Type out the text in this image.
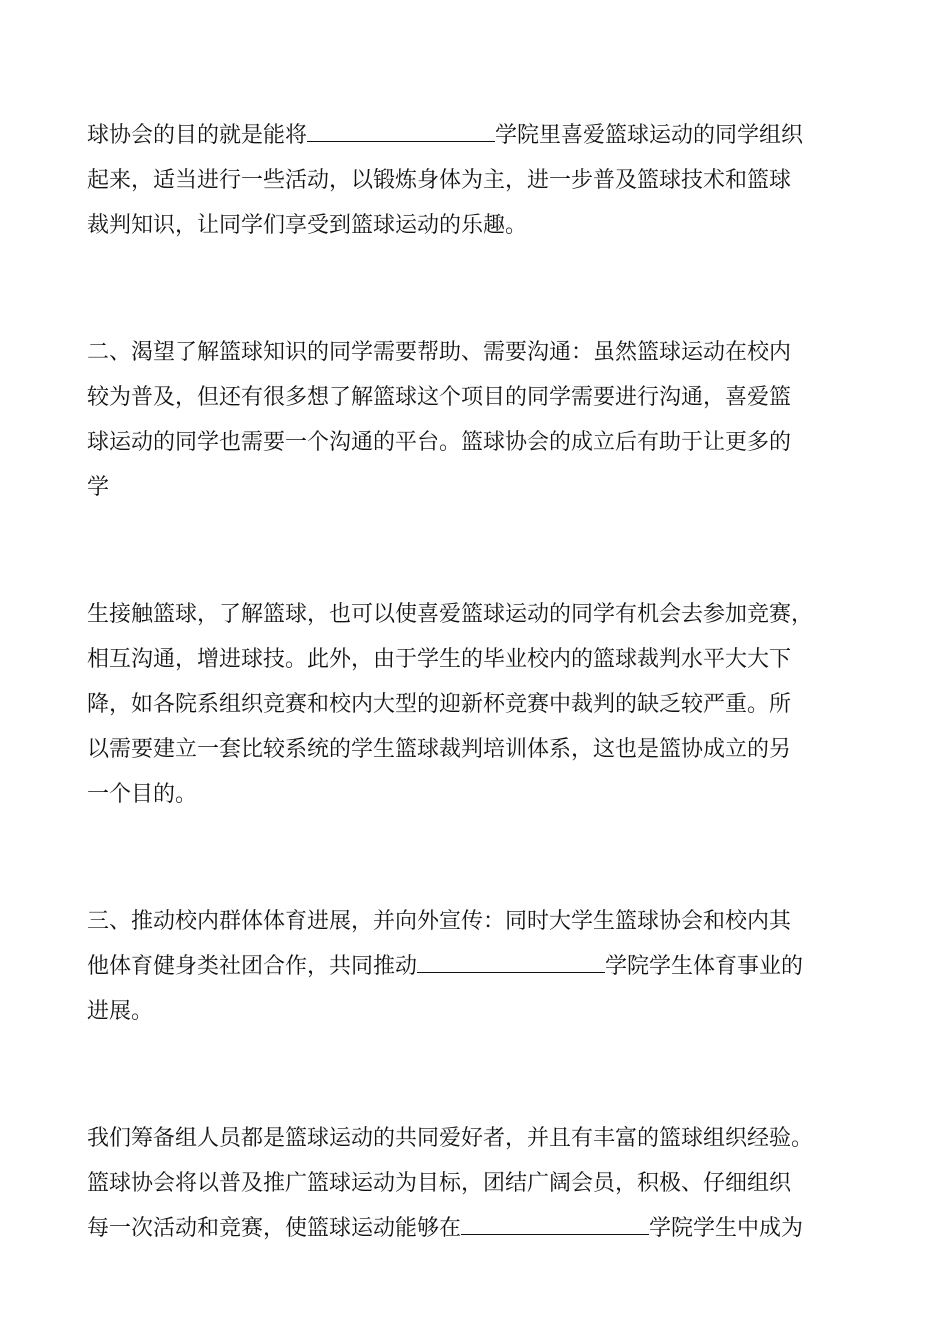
球协会的目的就是能将	学院里喜爱篮球运动的同学组织
起来，适当进行一些活动，以锻炼身体为主，进一步普及篮球技术和篮球
裁判知识，让同学们享受到篮球运动的乐趣。
二、渴望了解篮球知识的同学需要帮助、需要沟通：虽然篮球运动在校内
较为普及，但还有很多想了解篮球这个项目的同学需要进行沟通，喜爱篮
球运动的同学也需要一个沟通的平台。篮球协会的成立后有助于让更多的
学
生接触篮球，了解篮球，也可以使喜爱篮球运动的同学有机会去参加竞赛，
相互沟通，增进球技。此外，由于学生的毕业校内的篮球裁判水平大大下
降，如各院系组织竞赛和校内大型的迎新杯竞赛中裁判的缺乏较严重。所
以需要建立一套比较系统的学生篮球裁判培训体系，这也是篮协成立的另
一个目的。
三、推动校内群体体育进展，并向外宣传：同时大学生篮球协会和校内其
他体育健身类社团合作，共同推动	学院学生体育事业的
进展。
我们筹备组人员都是篮球运动的共同爱好者，并且有丰富的篮球组织经验。
篮球协会将以普及推广篮球运动为目标，团结广阔会员，积极、仔细组织
每一次活动和竞赛，使篮球运动能够在	学院学生中成为
